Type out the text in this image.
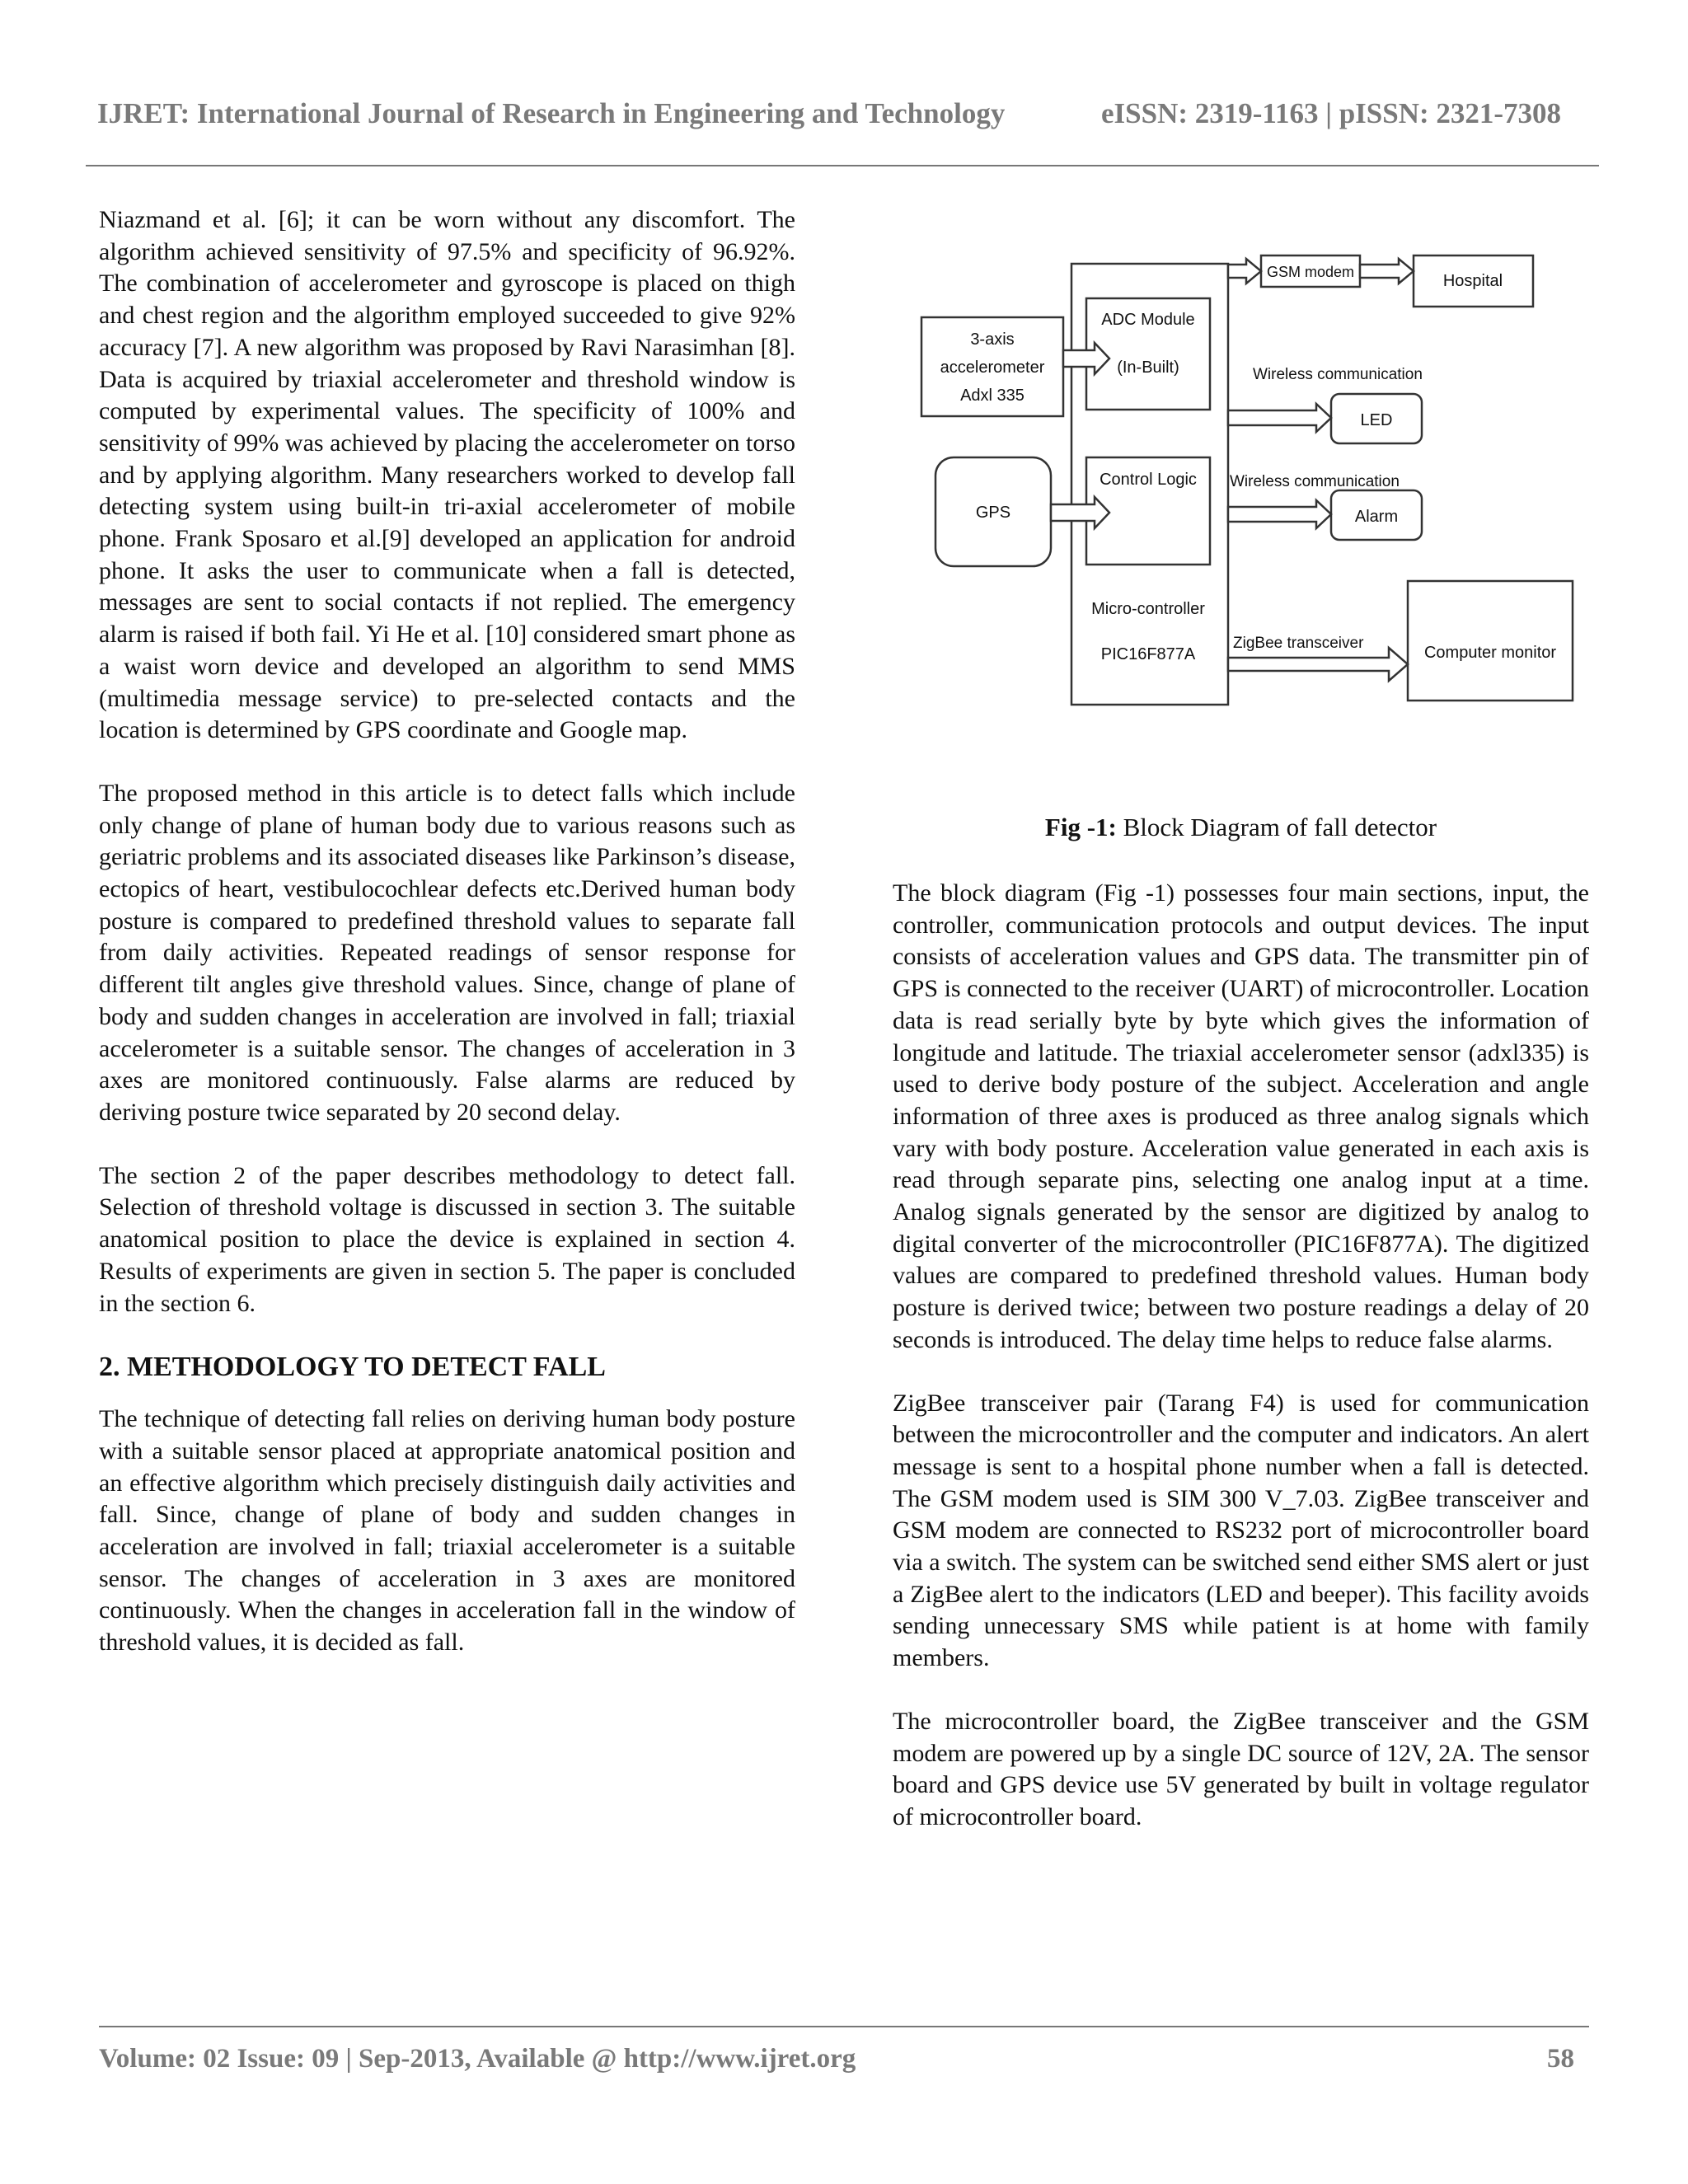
IJRET: International Journal of Research in Engineering and Technology	eISSN: 2319-1163 | pISSN: 2321-7308

Niazmand et al. [6]; it can be worn without any discomfort. The algorithm achieved sensitivity of 97.5% and specificity of 96.92%. The combination of accelerometer and gyroscope is placed on thigh and chest region and the algorithm employed succeeded to give 92% accuracy [7]. A new algorithm was proposed by Ravi Narasimhan [8]. Data is acquired by triaxial accelerometer and threshold window is computed by experimental values. The specificity of 100% and sensitivity of 99% was achieved by placing the accelerometer on torso and by applying algorithm. Many researchers worked to develop fall detecting system using built-in tri-axial accelerometer of mobile phone. Frank Sposaro et al.[9] developed an application for android phone. It asks the user to communicate when a fall is detected, messages are sent to social contacts if not replied. The emergency alarm is raised if both fail. Yi He et al. [10] considered smart phone as a waist worn device and developed an algorithm to send MMS (multimedia message service) to pre-selected contacts and the location is determined by GPS coordinate and Google map.

The proposed method in this article is to detect falls which include only change of plane of human body due to various reasons such as geriatric problems and its associated diseases like Parkinson’s disease, ectopics of heart, vestibulocochlear defects etc.Derived human body posture is compared to predefined threshold values to separate fall from daily activities. Repeated readings of sensor response for different tilt angles give threshold values. Since, change of plane of body and sudden changes in acceleration are involved in fall; triaxial accelerometer is a suitable sensor. The changes of acceleration in 3 axes are monitored continuously. False alarms are reduced by deriving posture twice separated by 20 second delay.

The section 2 of the paper describes methodology to detect fall. Selection of threshold voltage is discussed in section 3. The suitable anatomical position to place the device is explained in section 4. Results of experiments are given in section 5. The paper is concluded in the section 6.

2. METHODOLOGY TO DETECT FALL

The technique of detecting fall relies on deriving human body posture with a suitable sensor placed at appropriate anatomical position and an effective algorithm which precisely distinguish daily activities and fall. Since, change of plane of body and sudden changes in acceleration are involved in fall; triaxial accelerometer is a suitable sensor. The changes of acceleration in 3 axes are monitored continuously. When the changes in acceleration fall in the window of threshold values, it is decided as fall.

3-axis
accelerometer
Adxl 335
GPS
ADC Module
(In-Built)
Control Logic
Micro-controller
PIC16F877A
GSM modem	Hospital
LED
Alarm
Computer monitor
Wireless communication
Wireless communication
ZigBee transceiver
Fig -1: Block Diagram of fall detector

The block diagram (Fig -1) possesses four main sections, input, the controller, communication protocols and output devices. The input consists of acceleration values and GPS data. The transmitter pin of GPS is connected to the receiver (UART) of microcontroller. Location data is read serially byte by byte which gives the information of longitude and latitude. The triaxial accelerometer sensor (adxl335) is used to derive body posture of the subject. Acceleration and angle information of three axes is produced as three analog signals which vary with body posture. Acceleration value generated in each axis is read through separate pins, selecting one analog input at a time. Analog signals generated by the sensor are digitized by analog to digital converter of the microcontroller (PIC16F877A). The digitized values are compared to predefined threshold values. Human body posture is derived twice; between two posture readings a delay of 20 seconds is introduced. The delay time helps to reduce false alarms.

ZigBee transceiver pair (Tarang F4) is used for communication between the microcontroller and the computer and indicators. An alert message is sent to a hospital phone number when a fall is detected. The GSM modem used is SIM 300 V_7.03. ZigBee transceiver and GSM modem are connected to RS232 port of microcontroller board via a switch. The system can be switched send either SMS alert or just a ZigBee alert to the indicators (LED and beeper). This facility avoids sending unnecessary SMS while patient is at home with family members.

The microcontroller board, the ZigBee transceiver and the GSM modem are powered up by a single DC source of 12V, 2A. The sensor board and GPS device use 5V generated by built in voltage regulator of microcontroller board.

Volume: 02 Issue: 09 | Sep-2013, Available @ http://www.ijret.org	58
